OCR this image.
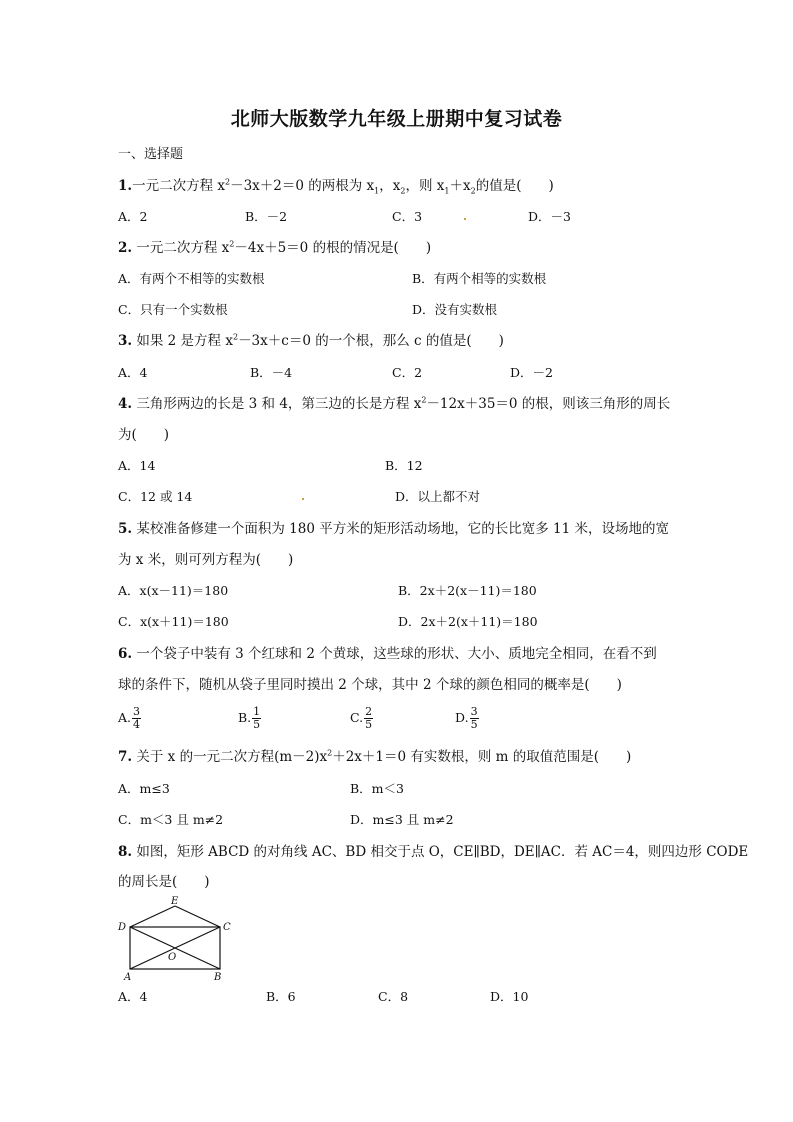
北师大版数学九年级上册期中复习试卷
一、选择题
1.一元二次方程 $x^2-3x+2=0$ 的两根为 $x_1$，$x_2$，则 $x_1+x_2$的值是(　　)
A．2	B．－2	C．3	D．－3
2. 一元二次方程 $x^2-4x+5=0$ 的根的情况是(　　)
A．有两个不相等的实数根	B．有两个相等的实数根
C．只有一个实数根	D．没有实数根
3. 如果 2 是方程 $x^2-3x+c=0$ 的一个根，那么 c 的值是(　　)
A．4	B．－4	C．2	D．－2
4. 三角形两边的长是 3 和 4，第三边的长是方程 $x^2-12x+35=0$ 的根，则该三角形的周长
为(　　)
A．14	B．12
C．12 或 14	D．以上都不对
5. 某校准备修建一个面积为 180 平方米的矩形活动场地，它的长比宽多 11 米，设场地的宽
为 x 米，则可列方程为(　　)
A．x(x－11)＝180	B．2x＋2(x－11)＝180
C．x(x＋11)＝180	D．2x＋2(x＋11)＝180
6. 一个袋子中装有 3 个红球和 2 个黄球，这些球的形状、大小、质地完全相同，在看不到
球的条件下，随机从袋子里同时摸出 2 个球，其中 2 个球的颜色相同的概率是(　　)
A. $\frac{3}{4}$	B. $\frac{1}{5}$	C. $\frac{2}{5}$	D. $\frac{3}{5}$
7. 关于 x 的一元二次方程$(m-2)x^2+2x+1=0$ 有实数根，则 m 的取值范围是(　　)
A．m≤3	B．m＜3
C．m＜3 且 m≠2	D．m≤3 且 m≠2
8. 如图，矩形 ABCD 的对角线 AC、BD 相交于点 O，CE∥BD，DE∥AC．若 AC＝4，则四边形 CODE
的周长是(　　)
E
D	C
O
A	B
A．4	B．6	C．8	D．10
